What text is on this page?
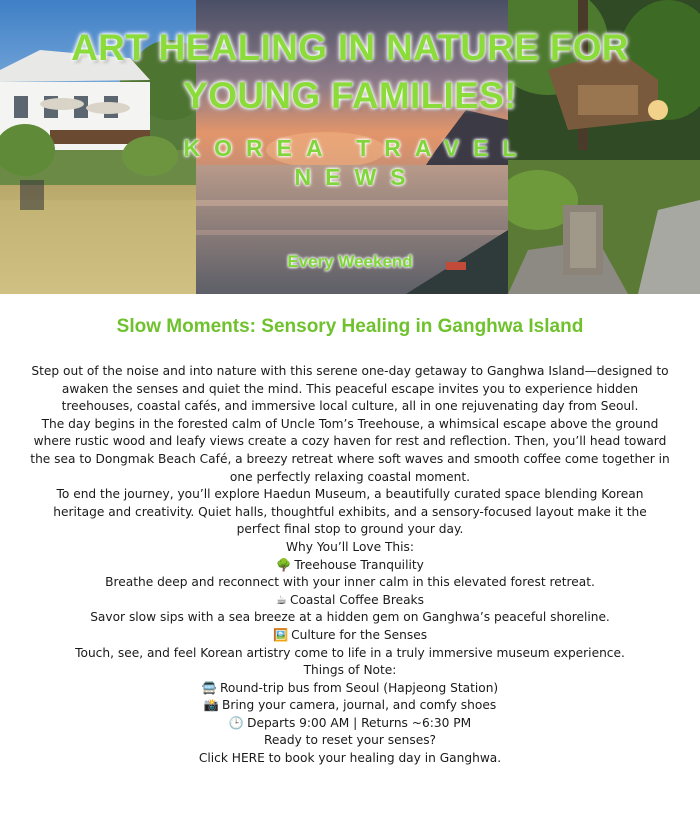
ART HEALING IN NATURE FOR
YOUNG FAMILIES!
KOREA TRAVEL
NEWS
Every Weekend
Slow Moments: Sensory Healing in Ganghwa Island

Step out of the noise and into nature with this serene one-day getaway to Ganghwa Island—designed to awaken the senses and quiet the mind. This peaceful escape invites you to experience hidden treehouses, coastal cafés, and immersive local culture, all in one rejuvenating day from Seoul.

The day begins in the forested calm of Uncle Tom’s Treehouse, a whimsical escape above the ground where rustic wood and leafy views create a cozy haven for rest and reflection. Then, you’ll head toward the sea to Dongmak Beach Café, a breezy retreat where soft waves and smooth coffee come together in one perfectly relaxing coastal moment.

To end the journey, you’ll explore Haedun Museum, a beautifully curated space blending Korean heritage and creativity. Quiet halls, thoughtful exhibits, and a sensory-focused layout make it the perfect final stop to ground your day.

Why You’ll Love This:

🌳 Treehouse Tranquility

Breathe deep and reconnect with your inner calm in this elevated forest retreat.

☕ Coastal Coffee Breaks

Savor slow sips with a sea breeze at a hidden gem on Ganghwa’s peaceful shoreline.

🖼️ Culture for the Senses

Touch, see, and feel Korean artistry come to life in a truly immersive museum experience.

Things of Note:

🚍 Round-trip bus from Seoul (Hapjeong Station)

📸 Bring your camera, journal, and comfy shoes

🕒 Departs 9:00 AM | Returns ~6:30 PM

Ready to reset your senses?

Click HERE to book your healing day in Ganghwa.
